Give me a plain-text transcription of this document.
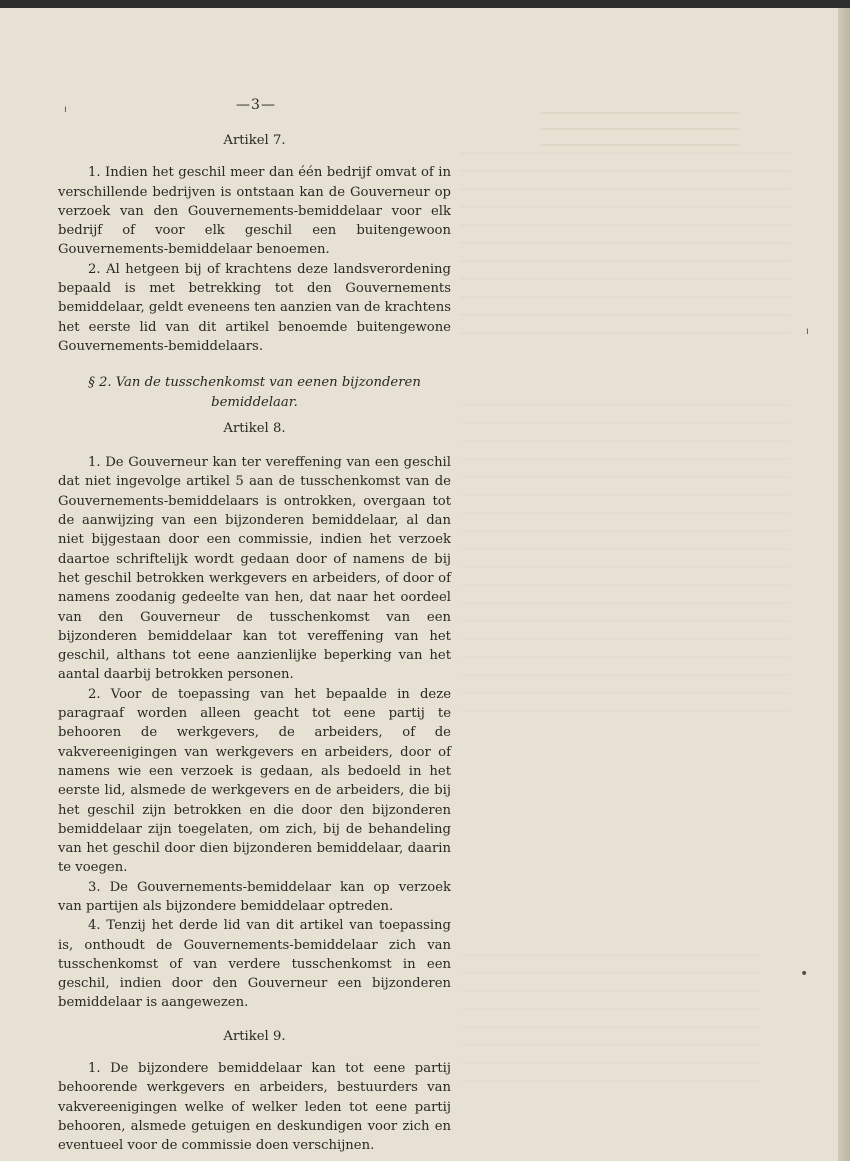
ı
•
ı	—3—

Artikel 7.

1. Indien het geschil meer dan één bedrijf omvat of in verschillende bedrijven is ontstaan kan de Gouverneur op verzoek van den Gouvernements-bemiddelaar voor elk bedrijf of voor elk geschil een buitengewoon Gouvernements-bemiddelaar benoemen.

2. Al hetgeen bij of krachtens deze landsverordening bepaald is met betrekking tot den Gouvernements bemiddelaar, geldt eveneens ten aanzien van de krachtens het eerste lid van dit artikel benoemde buitengewone Gouvernements-bemiddelaars.

§ 2. Van de tusschenkomst van eenen bijzonderen

bemiddelaar.

Artikel 8.

1. De Gouverneur kan ter vereffening van een geschil dat niet ingevolge artikel 5 aan de tusschenkomst van de Gouvernements-bemiddelaars is ontrokken, overgaan tot de aanwijzing van een bijzonderen bemiddelaar, al dan niet bijgestaan door een commissie, indien het verzoek daartoe schriftelijk wordt gedaan door of namens de bij het geschil betrokken werkgevers en arbeiders, of door of namens zoodanig gedeelte van hen, dat naar het oordeel van den Gouverneur de tusschenkomst van een bijzonderen bemiddelaar kan tot vereffening van het geschil, althans tot eene aanzienlijke beperking van het aantal daarbij betrokken personen.

2. Voor de toepassing van het bepaalde in deze paragraaf worden alleen geacht tot eene partij te behooren de werkgevers, de arbeiders, of de vakvereenigingen van werkgevers en arbeiders, door of namens wie een verzoek is gedaan, als bedoeld in het eerste lid, alsmede de werkgevers en de arbeiders, die bij het geschil zijn betrokken en die door den bijzonderen bemiddelaar zijn toegelaten, om zich, bij de behandeling van het geschil door dien bijzonderen bemiddelaar, daarin te voegen.

3. De Gouvernements-bemiddelaar kan op verzoek van partijen als bijzondere bemiddelaar optreden.

4. Tenzij het derde lid van dit artikel van toepassing is, onthoudt de Gouvernements-bemiddelaar zich van tusschenkomst of van verdere tusschenkomst in een geschil, indien door den Gouverneur een bijzonderen bemiddelaar is aangewezen.

Artikel 9.

1. De bijzondere bemiddelaar kan tot eene partij behoorende werkgevers en arbeiders, bestuurders van vakvereenigingen welke of welker leden tot eene partij behooren, alsmede getuigen en deskundigen voor zich en eventueel voor de commissie doen verschijnen.
